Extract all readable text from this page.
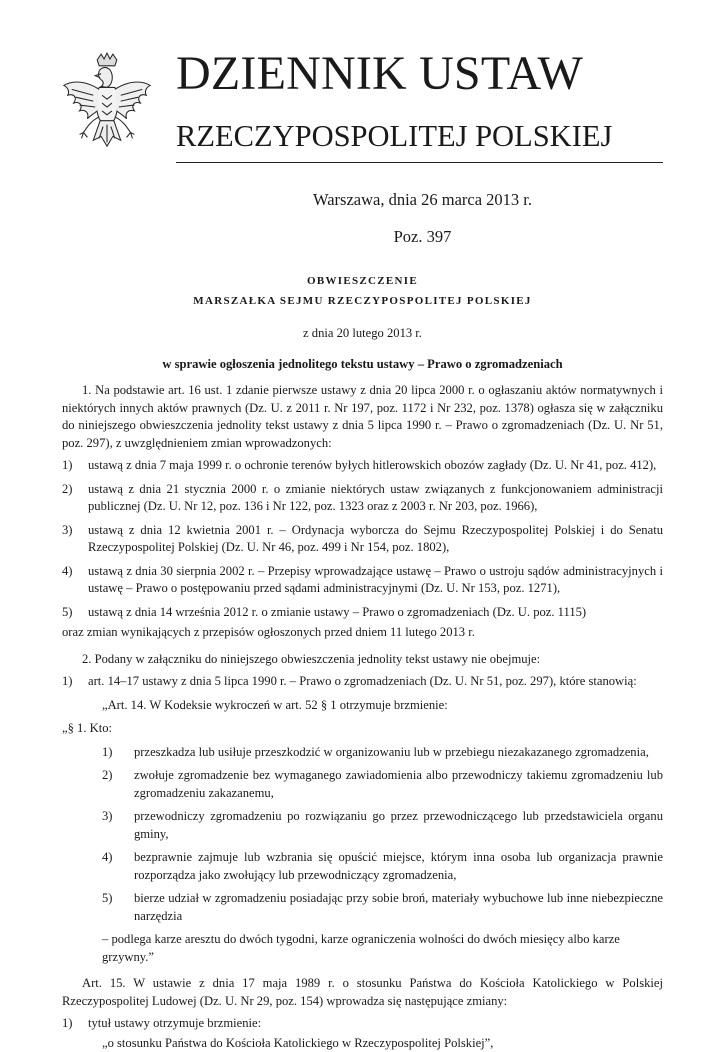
DZIENNIK USTAW
RZECZYPOSPOLITEJ POLSKIEJ

Warszawa, dnia 26 marca 2013 r.

Poz. 397

OBWIESZCZENIE

MARSZAŁKA SEJMU RZECZYPOSPOLITEJ POLSKIEJ

z dnia 20 lutego 2013 r.

w sprawie ogłoszenia jednolitego tekstu ustawy – Prawo o zgromadzeniach

1. Na podstawie art. 16 ust. 1 zdanie pierwsze ustawy z dnia 20 lipca 2000 r. o ogłaszaniu aktów normatywnych i niektórych innych aktów prawnych (Dz. U. z 2011 r. Nr 197, poz. 1172 i Nr 232, poz. 1378) ogłasza się w załączniku do niniejszego obwieszczenia jednolity tekst ustawy z dnia 5 lipca 1990 r. – Prawo o zgromadzeniach (Dz. U. Nr 51, poz. 297), z uwzględnieniem zmian wprowadzonych:

1) ustawą z dnia 7 maja 1999 r. o ochronie terenów byłych hitlerowskich obozów zagłady (Dz. U. Nr 41, poz. 412),
2) ustawą z dnia 21 stycznia 2000 r. o zmianie niektórych ustaw związanych z funkcjonowaniem administracji publicznej (Dz. U. Nr 12, poz. 136 i Nr 122, poz. 1323 oraz z 2003 r. Nr 203, poz. 1966),
3) ustawą z dnia 12 kwietnia 2001 r. – Ordynacja wyborcza do Sejmu Rzeczypospolitej Polskiej i do Senatu Rzeczypospolitej Polskiej (Dz. U. Nr 46, poz. 499 i Nr 154, poz. 1802),
4) ustawą z dnia 30 sierpnia 2002 r. – Przepisy wprowadzające ustawę – Prawo o ustroju sądów administracyjnych i ustawę – Prawo o postępowaniu przed sądami administracyjnymi (Dz. U. Nr 153, poz. 1271),
5) ustawą z dnia 14 września 2012 r. o zmianie ustawy – Prawo o zgromadzeniach (Dz. U. poz. 1115)

oraz zmian wynikających z przepisów ogłoszonych przed dniem 11 lutego 2013 r.

2. Podany w załączniku do niniejszego obwieszczenia jednolity tekst ustawy nie obejmuje:

1) art. 14–17 ustawy z dnia 5 lipca 1990 r. – Prawo o zgromadzeniach (Dz. U. Nr 51, poz. 297), które stanowią:

„Art. 14. W Kodeksie wykroczeń w art. 52 § 1 otrzymuje brzmienie:

„§ 1. Kto:

1) przeszkadza lub usiłuje przeszkodzić w organizowaniu lub w przebiegu niezakazanego zgromadzenia,
2) zwołuje zgromadzenie bez wymaganego zawiadomienia albo przewodniczy takiemu zgromadzeniu lub zgromadzeniu zakazanemu,
3) przewodniczy zgromadzeniu po rozwiązaniu go przez przewodniczącego lub przedstawiciela organu gminy,
4) bezprawnie zajmuje lub wzbrania się opuścić miejsce, którym inna osoba lub organizacja prawnie rozporządza jako zwołujący lub przewodniczący zgromadzenia,
5) bierze udział w zgromadzeniu posiadając przy sobie broń, materiały wybuchowe lub inne niebezpieczne narzędzia

– podlega karze aresztu do dwóch tygodni, karze ograniczenia wolności do dwóch miesięcy albo karze grzywny.”

Art. 15. W ustawie z dnia 17 maja 1989 r. o stosunku Państwa do Kościoła Katolickiego w Polskiej Rzeczypospolitej Ludowej (Dz. U. Nr 29, poz. 154) wprowadza się następujące zmiany:

1) tytuł ustawy otrzymuje brzmienie:

„o stosunku Państwa do Kościoła Katolickiego w Rzeczypospolitej Polskiej”,
